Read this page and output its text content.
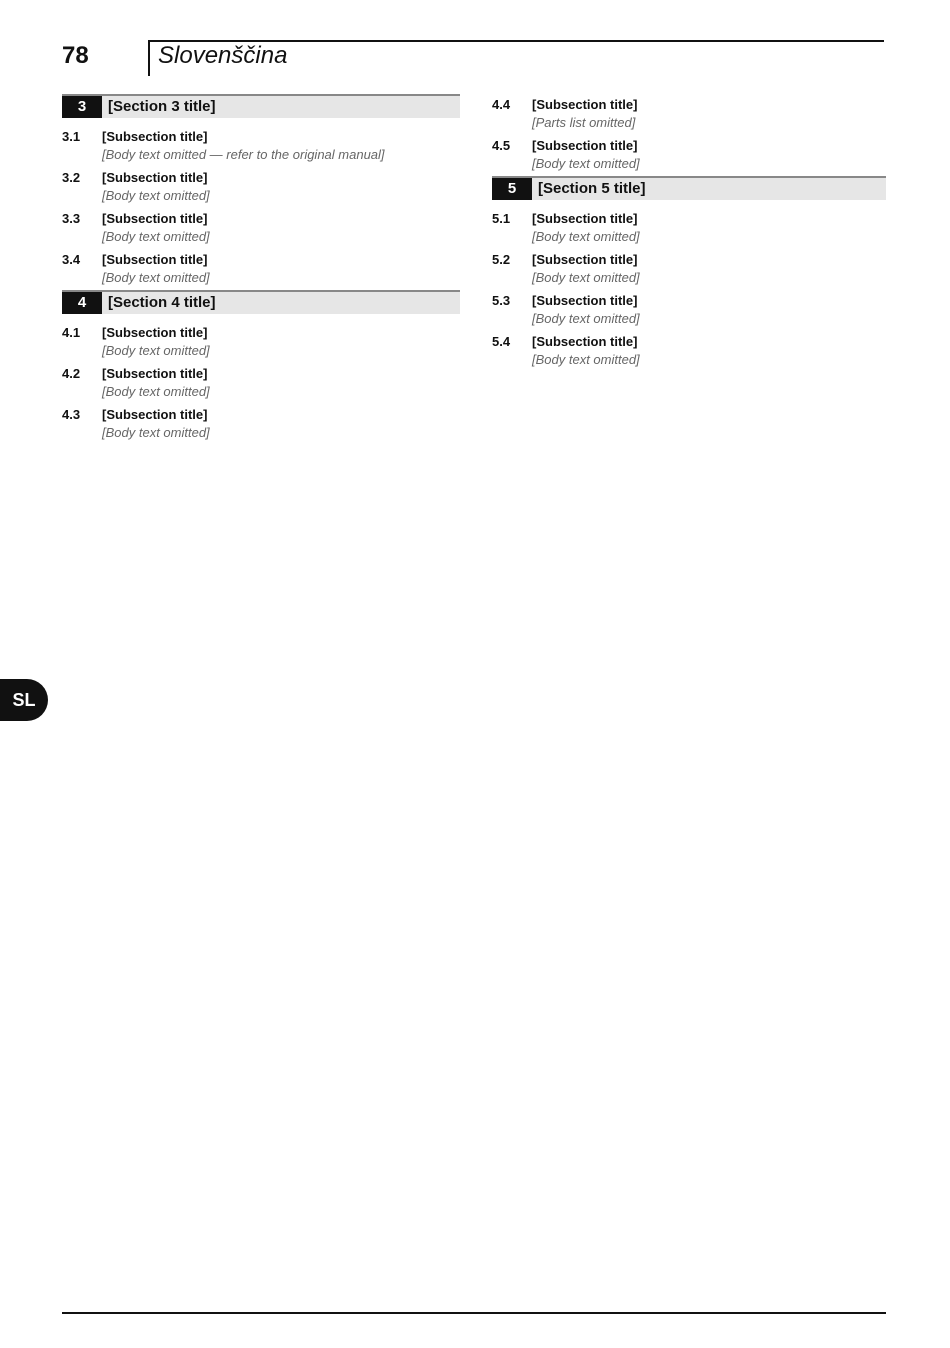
78	Slovenščina
3	[Section 3 title]
3.1	[Subsection title]
[Body text omitted — refer to the original manual]
3.2	[Subsection title]
[Body text omitted]
3.3	[Subsection title]
[Body text omitted]
3.4	[Subsection title]
[Body text omitted]
4	[Section 4 title]
4.1	[Subsection title]
[Body text omitted]
4.2	[Subsection title]
[Body text omitted]
4.3	[Subsection title]
[Body text omitted]
4.4	[Subsection title]
[Parts list omitted]
4.5	[Subsection title]
[Body text omitted]
5	[Section 5 title]
5.1	[Subsection title]
[Body text omitted]
5.2	[Subsection title]
[Body text omitted]
5.3	[Subsection title]
[Body text omitted]
5.4	[Subsection title]
[Body text omitted]
SL
